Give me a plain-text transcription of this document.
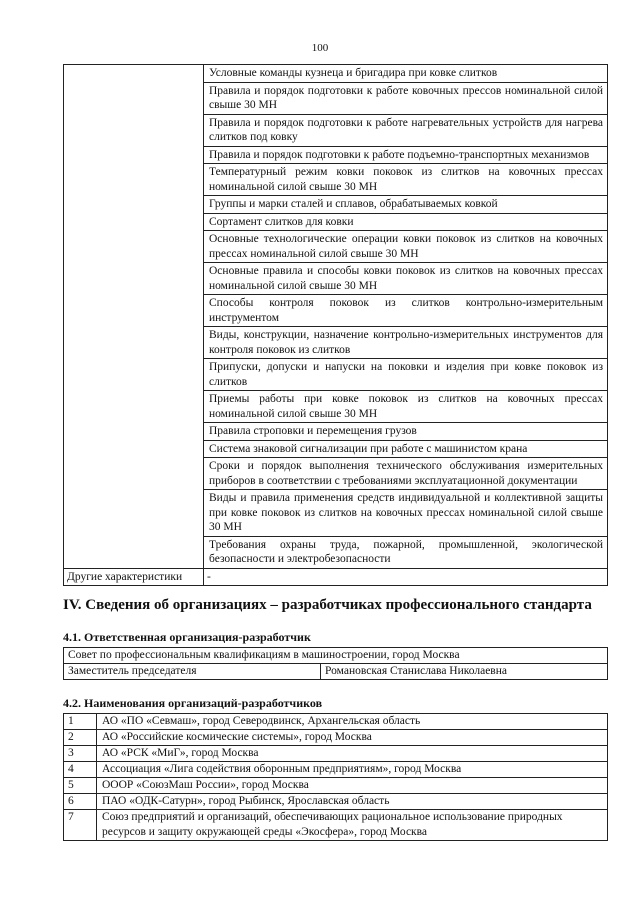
100
	Условные команды кузнеца и бригадира при ковке слитков
	Правила и порядок подготовки к работе ковочных прессов номинальной силой свыше 30 МН
	Правила и порядок подготовки к работе нагревательных устройств для нагрева слитков под ковку
	Правила и порядок подготовки к работе подъемно-транспортных механизмов
	Температурный режим ковки поковок из слитков на ковочных прессах номинальной силой свыше 30 МН
	Группы и марки сталей и сплавов, обрабатываемых ковкой
	Сортамент слитков для ковки
	Основные технологические операции ковки поковок из слитков на ковочных прессах номинальной силой свыше 30 МН
	Основные правила и способы ковки поковок из слитков на ковочных прессах номинальной силой свыше 30 МН
	Способы контроля поковок из слитков контрольно-измерительным инструментом
	Виды, конструкции, назначение контрольно-измерительных инструментов для контроля поковок из слитков
	Припуски, допуски и напуски на поковки и изделия при ковке поковок из слитков
	Приемы работы при ковке поковок из слитков на ковочных прессах номинальной силой свыше 30 МН
	Правила строповки и перемещения грузов
	Система знаковой сигнализации при работе с машинистом крана
	Сроки и порядок выполнения технического обслуживания измерительных приборов в соответствии с требованиями эксплуатационной документации
	Виды и правила применения средств индивидуальной и коллективной защиты при ковке поковок из слитков на ковочных прессах номинальной силой свыше 30 МН
	Требования охраны труда, пожарной, промышленной, экологической безопасности и электробезопасности
Другие характеристики	-
IV. Сведения об организациях – разработчиках профессионального стандарта
4.1. Ответственная организация-разработчик
Совет по профессиональным квалификациям в машиностроении, город Москва
Заместитель председателя	Романовская Станислава Николаевна
4.2. Наименования организаций-разработчиков
1	АО «ПО «Севмаш», город Северодвинск, Архангельская область
2	АО «Российские космические системы», город Москва
3	АО «РСК «МиГ», город Москва
4	Ассоциация «Лига содействия оборонным предприятиям», город Москва
5	ОООР «СоюзМаш России», город Москва
6	ПАО «ОДК-Сатурн», город Рыбинск, Ярославская область
7	Союз предприятий и организаций, обеспечивающих рациональное использование природных ресурсов и защиту окружающей среды «Экосфера», город Москва
